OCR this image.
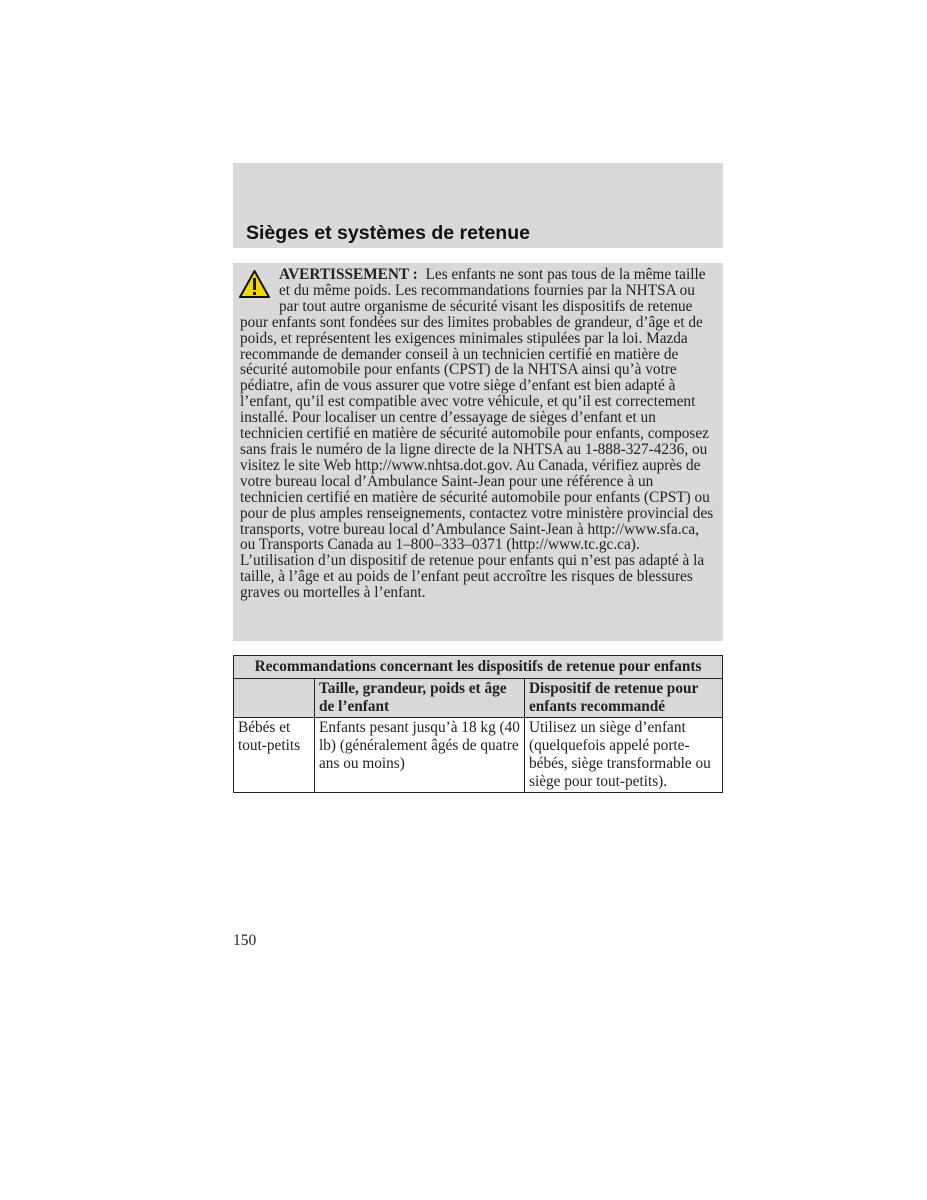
Sièges et systèmes de retenue

AVERTISSEMENT : Les enfants ne sont pas tous de la même taille et du même poids. Les recommandations fournies par la NHTSA ou par tout autre organisme de sécurité visant les dispositifs de retenue pour enfants sont fondées sur des limites probables de grandeur, d’âge et de poids, et représentent les exigences minimales stipulées par la loi. Mazda recommande de demander conseil à un technicien certifié en matière de sécurité automobile pour enfants (CPST) de la NHTSA ainsi qu’à votre pédiatre, afin de vous assurer que votre siège d’enfant est bien adapté à l’enfant, qu’il est compatible avec votre véhicule, et qu’il est correctement installé. Pour localiser un centre d’essayage de sièges d’enfant et un technicien certifié en matière de sécurité automobile pour enfants, composez sans frais le numéro de la ligne directe de la NHTSA au 1-888-327-4236, ou visitez le site Web http://www.nhtsa.dot.gov. Au Canada, vérifiez auprès de votre bureau local d’Ambulance Saint-Jean pour une référence à un technicien certifié en matière de sécurité automobile pour enfants (CPST) ou pour de plus amples renseignements, contactez votre ministère provincial des transports, votre bureau local d’Ambulance Saint-Jean à http://www.sfa.ca, ou Transports Canada au 1–800–333–0371 (http://www.tc.gc.ca). L’utilisation d’un dispositif de retenue pour enfants qui n’est pas adapté à la taille, à l’âge et au poids de l’enfant peut accroître les risques de blessures graves ou mortelles à l’enfant.

Recommandations concernant les dispositifs de retenue pour enfants		
	Taille, grandeur, poids et âge de l’enfant	Dispositif de retenue pour enfants recommandé
Bébés et tout-petits	Enfants pesant jusqu’à 18 kg (40 lb) (généralement âgés de quatre ans ou moins)	Utilisez un siège d’enfant (quelquefois appelé porte-bébés, siège transformable ou siège pour tout-petits).
150
